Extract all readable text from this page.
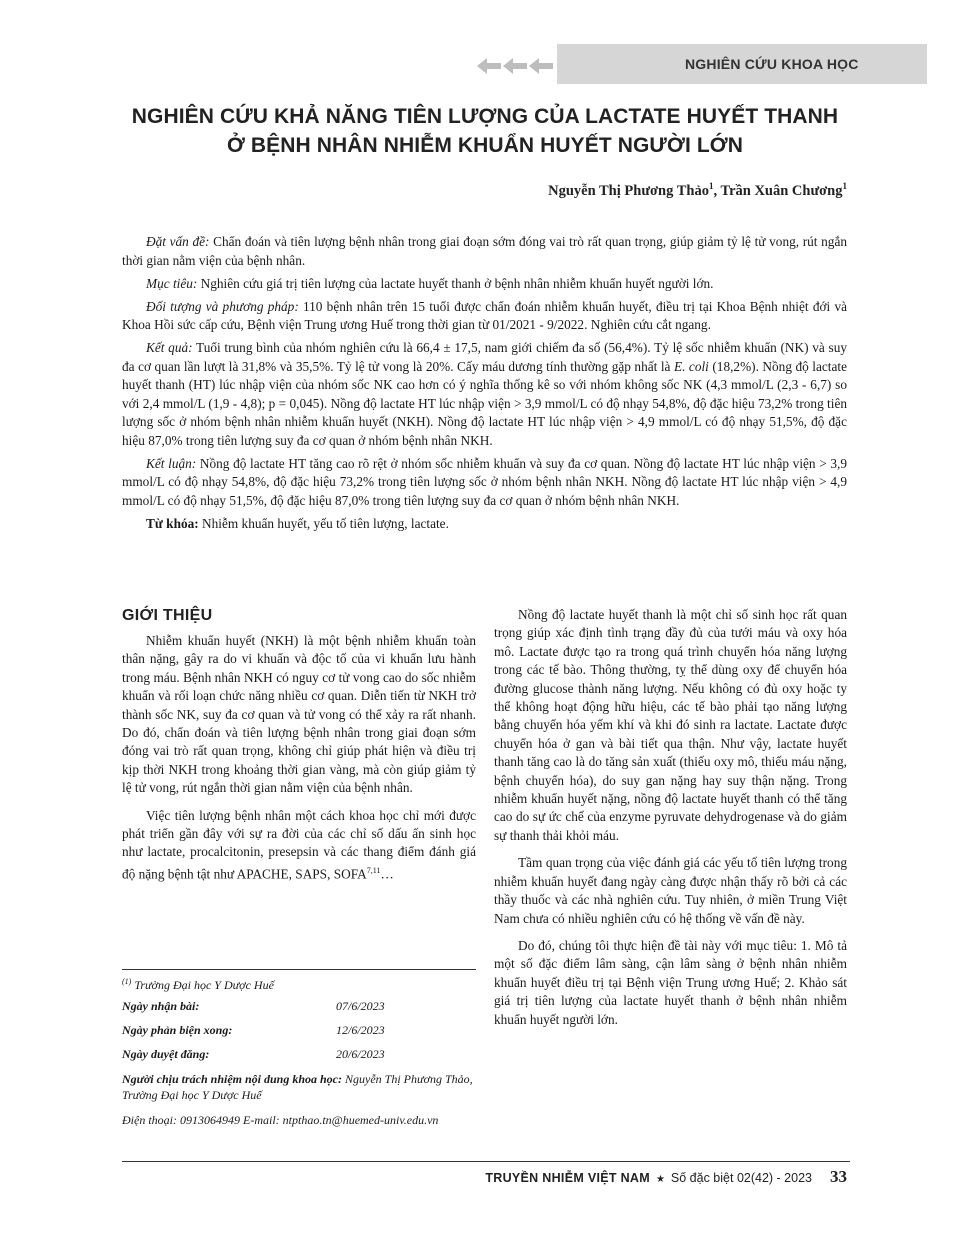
NGHIÊN CỨU KHOA HỌC
NGHIÊN CỨU KHẢ NĂNG TIÊN LƯỢNG CỦA LACTATE HUYẾT THANH
Ở BỆNH NHÂN NHIỄM KHUẨN HUYẾT NGƯỜI LỚN
Nguyễn Thị Phương Thảo$^1$, Trần Xuân Chương$^1$

Đặt vấn đề: Chẩn đoán và tiên lượng bệnh nhân trong giai đoạn sớm đóng vai trò rất quan trọng, giúp giảm tỷ lệ tử vong, rút ngắn thời gian nằm viện của bệnh nhân.

Mục tiêu: Nghiên cứu giá trị tiên lượng của lactate huyết thanh ở bệnh nhân nhiễm khuẩn huyết người lớn.

Đối tượng và phương pháp: 110 bệnh nhân trên 15 tuổi được chẩn đoán nhiễm khuẩn huyết, điều trị tại Khoa Bệnh nhiệt đới và Khoa Hồi sức cấp cứu, Bệnh viện Trung ương Huế trong thời gian từ 01/2021 - 9/2022. Nghiên cứu cắt ngang.

Kết quả: Tuổi trung bình của nhóm nghiên cứu là 66,4 ± 17,5, nam giới chiếm đa số (56,4%). Tỷ lệ sốc nhiễm khuẩn (NK) và suy đa cơ quan lần lượt là 31,8% và 35,5%. Tỷ lệ tử vong là 20%. Cấy máu dương tính thường gặp nhất là E. coli (18,2%). Nồng độ lactate huyết thanh (HT) lúc nhập viện của nhóm sốc NK cao hơn có ý nghĩa thống kê so với nhóm không sốc NK (4,3 mmol/L (2,3 - 6,7) so với 2,4 mmol/L (1,9 - 4,8); p = 0,045). Nồng độ lactate HT lúc nhập viện > 3,9 mmol/L có độ nhạy 54,8%, độ đặc hiệu 73,2% trong tiên lượng sốc ở nhóm bệnh nhân nhiễm khuẩn huyết (NKH). Nồng độ lactate HT lúc nhập viện > 4,9 mmol/L có độ nhạy 51,5%, độ đặc hiệu 87,0% trong tiên lượng suy đa cơ quan ở nhóm bệnh nhân NKH.

Kết luận: Nồng độ lactate HT tăng cao rõ rệt ở nhóm sốc nhiễm khuẩn và suy đa cơ quan. Nồng độ lactate HT lúc nhập viện > 3,9 mmol/L có độ nhạy 54,8%, độ đặc hiệu 73,2% trong tiên lượng sốc ở nhóm bệnh nhân NKH. Nồng độ lactate HT lúc nhập viện > 4,9 mmol/L có độ nhạy 51,5%, độ đặc hiệu 87,0% trong tiên lượng suy đa cơ quan ở nhóm bệnh nhân NKH.

Từ khóa: Nhiễm khuẩn huyết, yếu tố tiên lượng, lactate.

GIỚI THIỆU

Nhiễm khuẩn huyết (NKH) là một bệnh nhiễm khuẩn toàn thân nặng, gây ra do vi khuẩn và độc tố của vi khuẩn lưu hành trong máu. Bệnh nhân NKH có nguy cơ tử vong cao do sốc nhiễm khuẩn và rối loạn chức năng nhiều cơ quan. Diễn tiến từ NKH trở thành sốc NK, suy đa cơ quan và tử vong có thể xảy ra rất nhanh. Do đó, chẩn đoán và tiên lượng bệnh nhân trong giai đoạn sớm đóng vai trò rất quan trọng, không chỉ giúp phát hiện và điều trị kịp thời NKH trong khoảng thời gian vàng, mà còn giúp giảm tỷ lệ tử vong, rút ngắn thời gian nằm viện của bệnh nhân.

Việc tiên lượng bệnh nhân một cách khoa học chỉ mới được phát triển gần đây với sự ra đời của các chỉ số dấu ấn sinh học như lactate, procalcitonin, presepsin và các thang điểm đánh giá độ nặng bệnh tật như APACHE, SAPS, SOFA$^{7,11}$…

Nồng độ lactate huyết thanh là một chỉ số sinh học rất quan trọng giúp xác định tình trạng đầy đủ của tưới máu và oxy hóa mô. Lactate được tạo ra trong quá trình chuyển hóa năng lượng trong các tế bào. Thông thường, tỵ thể dùng oxy để chuyển hóa đường glucose thành năng lượng. Nếu không có đủ oxy hoặc ty thể không hoạt động hữu hiệu, các tế bào phải tạo năng lượng bằng chuyển hóa yếm khí và khi đó sinh ra lactate. Lactate được chuyển hóa ở gan và bài tiết qua thận. Như vậy, lactate huyết thanh tăng cao là do tăng sản xuất (thiếu oxy mô, thiếu máu nặng, bệnh chuyển hóa), do suy gan nặng hay suy thận nặng. Trong nhiễm khuẩn huyết nặng, nồng độ lactate huyết thanh có thể tăng cao do sự ức chế của enzyme pyruvate dehydrogenase và do giảm sự thanh thải khỏi máu.

Tầm quan trọng của việc đánh giá các yếu tố tiên lượng trong nhiễm khuẩn huyết đang ngày càng được nhận thấy rõ bởi cả các thầy thuốc và các nhà nghiên cứu. Tuy nhiên, ở miền Trung Việt Nam chưa có nhiều nghiên cứu có hệ thống về vấn đề này.

Do đó, chúng tôi thực hiện đề tài này với mục tiêu: 1. Mô tả một số đặc điểm lâm sàng, cận lâm sàng ở bệnh nhân nhiễm khuẩn huyết điều trị tại Bệnh viện Trung ương Huế; 2. Khảo sát giá trị tiên lượng của lactate huyết thanh ở bệnh nhân nhiễm khuẩn huyết người lớn.

$^{(1)}$ Trường Đại học Y Dược Huế
Ngày nhận bài:	07/6/2023
Ngày phản biện xong:	12/6/2023
Ngày duyệt đăng:	20/6/2023
Người chịu trách nhiệm nội dung khoa học: Nguyễn Thị Phương Thảo, Trường Đại học Y Dược Huế
Điện thoại: 0913064949 E-mail: ntpthao.tn@huemed-univ.edu.vn
TRUYỀN NHIỄM VIỆT NAM ★ Số đặc biệt 02(42) - 2023 33
